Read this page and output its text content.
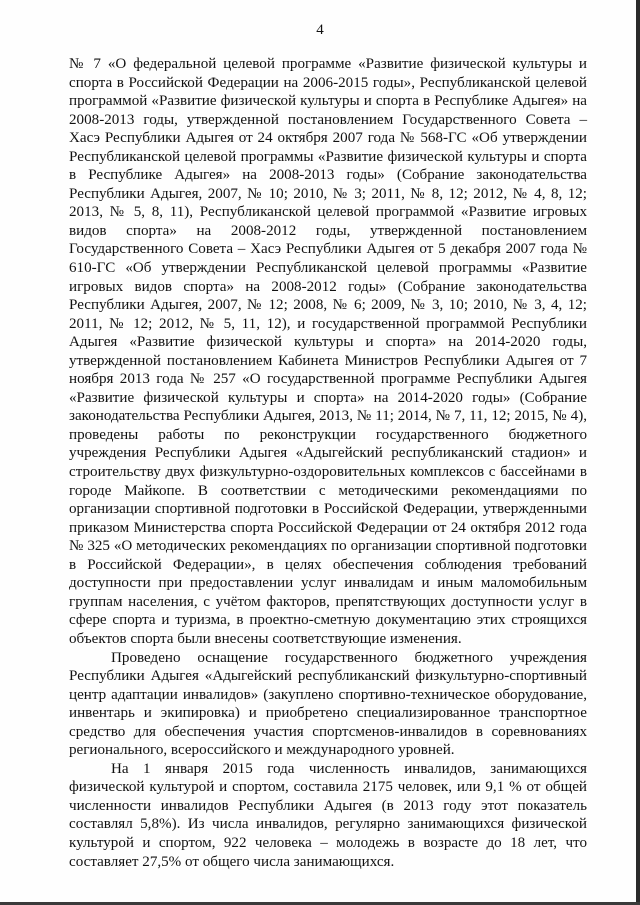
4

№ 7 «О федеральной целевой программе «Развитие физической культуры и спорта в Российской Федерации на 2006-2015 годы», Республиканской целевой программой «Развитие физической культуры и спорта в Республике Адыгея» на 2008-2013 годы, утвержденной постановлением Государственного Совета – Хасэ Республики Адыгея от 24 октября 2007 года № 568-ГС «Об утверждении Республиканской целевой программы «Развитие физической культуры и спорта в Республике Адыгея» на 2008-2013 годы» (Собрание законодательства Республики Адыгея, 2007, № 10; 2010, № 3; 2011, № 8, 12; 2012, № 4, 8, 12; 2013, № 5, 8, 11), Республиканской целевой программой «Развитие игровых видов спорта» на 2008-2012 годы, утвержденной постановлением Государственного Совета – Хасэ Республики Адыгея от 5 декабря 2007 года № 610-ГС «Об утверждении Республиканской целевой программы «Развитие игровых видов спорта» на 2008-2012 годы» (Собрание законодательства Республики Адыгея, 2007, № 12; 2008, № 6; 2009, № 3, 10; 2010, № 3, 4, 12; 2011, № 12; 2012, № 5, 11, 12), и государственной программой Республики Адыгея «Развитие физической культуры и спорта» на 2014-2020 годы, утвержденной постановлением Кабинета Министров Республики Адыгея от 7 ноября 2013 года № 257 «О государственной программе Республики Адыгея «Развитие физической культуры и спорта» на 2014-2020 годы» (Собрание законодательства Республики Адыгея, 2013, № 11; 2014, № 7, 11, 12; 2015, № 4), проведены работы по реконструкции государственного бюджетного учреждения Республики Адыгея «Адыгейский республиканский стадион» и строительству двух физкультурно-оздоровительных комплексов с бассейнами в городе Майкопе. В соответствии с методическими рекомендациями по организации спортивной подготовки в Российской Федерации, утвержденными приказом Министерства спорта Российской Федерации от 24 октября 2012 года № 325 «О методических рекомендациях по организации спортивной подготовки в Российской Федерации», в целях обеспечения соблюдения требований доступности при предоставлении услуг инвалидам и иным маломобильным группам населения, с учётом факторов, препятствующих доступности услуг в сфере спорта и туризма, в проектно-сметную документацию этих строящихся объектов спорта были внесены соответствующие изменения.

Проведено оснащение государственного бюджетного учреждения Республики Адыгея «Адыгейский республиканский физкультурно-спортивный центр адаптации инвалидов» (закуплено спортивно-техническое оборудование, инвентарь и экипировка) и приобретено специализированное транспортное средство для обеспечения участия спортсменов-инвалидов в соревнованиях регионального, всероссийского и международного уровней.

На 1 января 2015 года численность инвалидов, занимающихся физической культурой и спортом, составила 2175 человек, или 9,1 % от общей численности инвалидов Республики Адыгея (в 2013 году этот показатель составлял 5,8%). Из числа инвалидов, регулярно занимающихся физической культурой и спортом, 922 человека – молодежь в возрасте до 18 лет, что составляет 27,5% от общего числа занимающихся.
